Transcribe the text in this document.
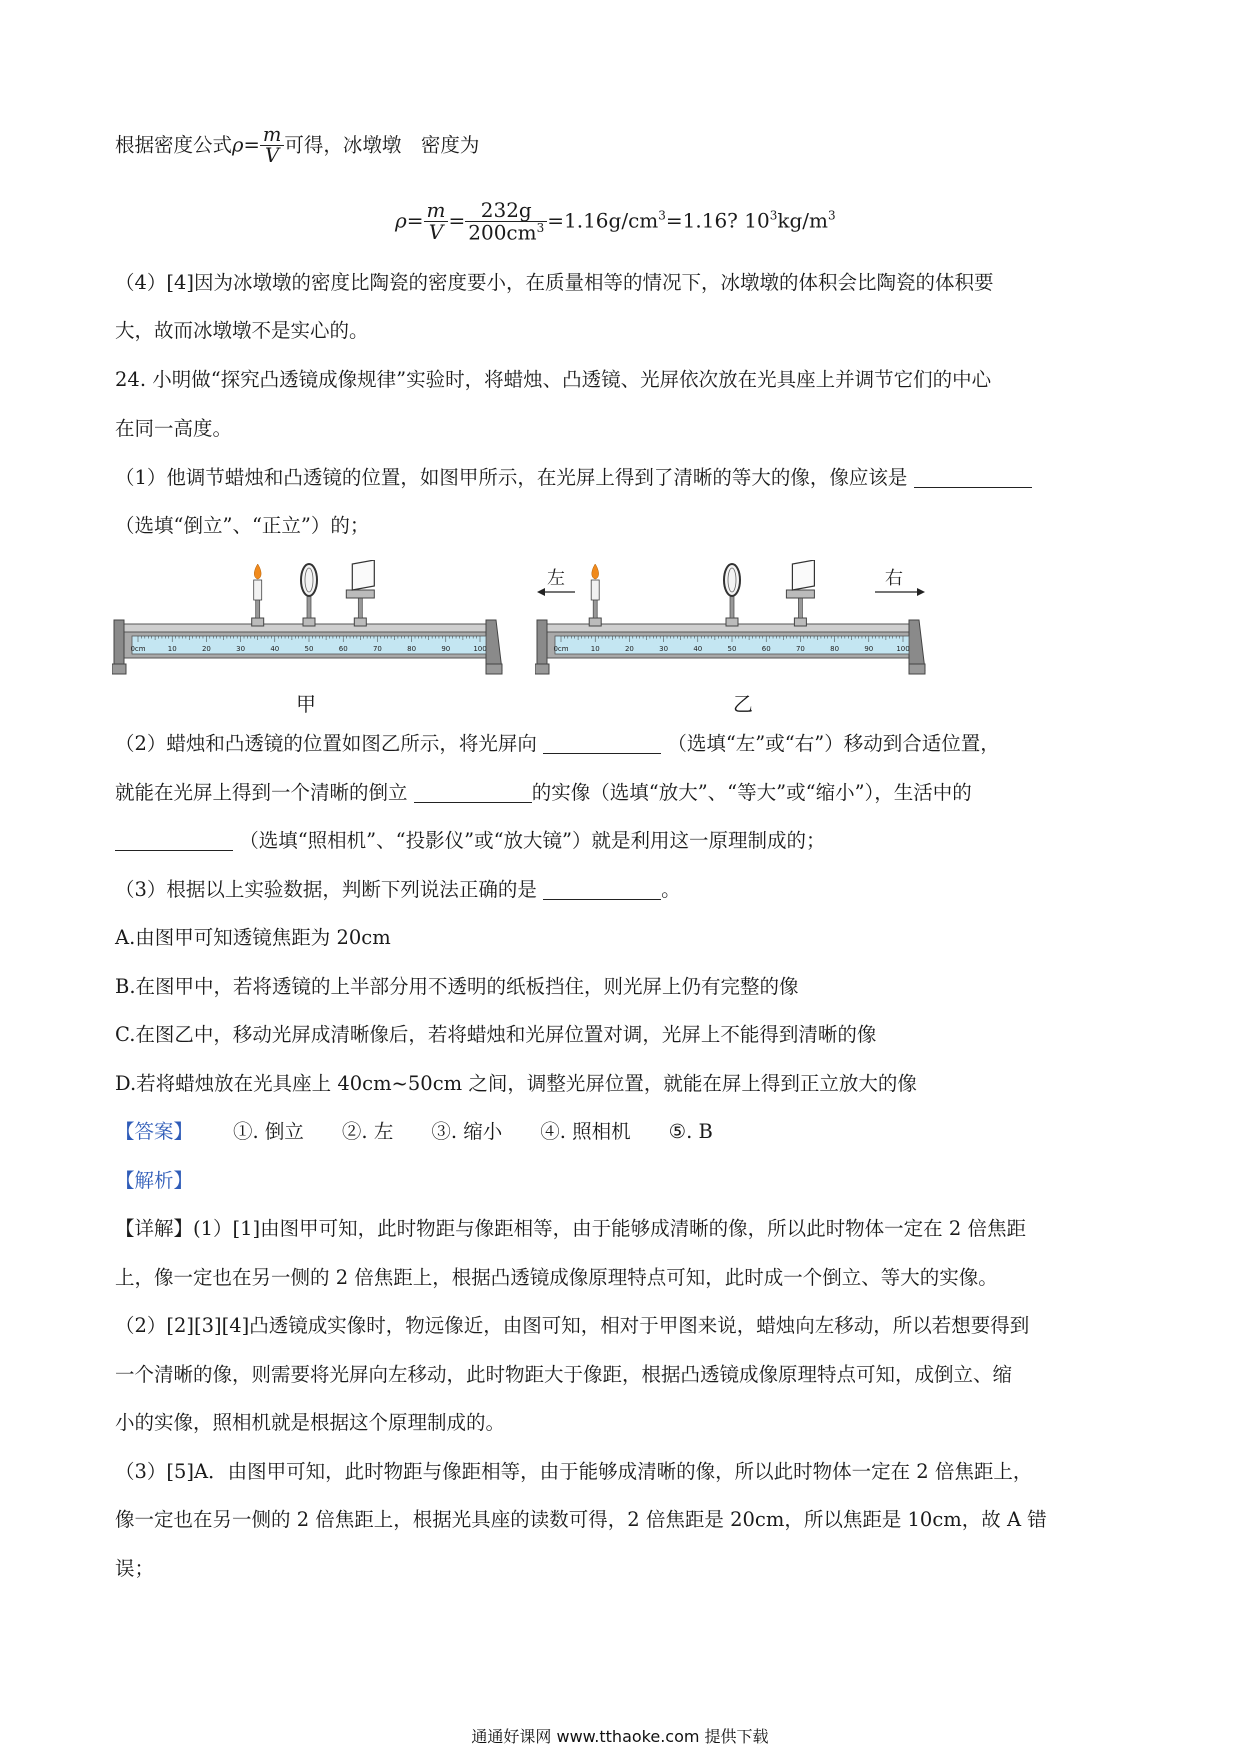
根据密度公式$\rho= \frac{m}{V}$ 可得，冰墩墩　密度为
$\rho= \frac{m}{V} = \frac{232g}{200cm^3} =1.16g/cm^3=1.16$? $10^3kg/m^3$
（4）[4]因为冰墩墩的密度比陶瓷的密度要小，在质量相等的情况下，冰墩墩的体积会比陶瓷的体积要
大，故而冰墩墩不是实心的。
24. 小明做“探究凸透镜成像规律”实验时，将蜡烛、凸透镜、光屏依次放在光具座上并调节它们的中心
在同一高度。
（1）他调节蜡烛和凸透镜的位置，如图甲所示，在光屏上得到了清晰的等大的像，像应该是
（选填“倒立”、“正立”）的；
0cm	10	20	30	40	50	60	70	80	90	100
甲
0cm	10	20	30	40	50	60	70	80	90	100
左	右
乙
（2）蜡烛和凸透镜的位置如图乙所示，将光屏向	（选填“左”或“右”）移动到合适位置，
就能在光屏上得到一个清晰的倒立	的实像（选填“放大”、“等大”或“缩小”），生活中的
（选填“照相机”、“投影仪”或“放大镜”）就是利用这一原理制成的；
（3）根据以上实验数据，判断下列说法正确的是	。
A.由图甲可知透镜焦距为 20cm
B.在图甲中，若将透镜的上半部分用不透明的纸板挡住，则光屏上仍有完整的像
C.在图乙中，移动光屏成清晰像后，若将蜡烛和光屏位置对调，光屏上不能得到清晰的像
D.若将蜡烛放在光具座上 40cm~50cm 之间，调整光屏位置，就能在屏上得到正立放大的像
【答案】 ①. 倒立 ②. 左 ③. 缩小 ④. 照相机 ⑤. B
【解析】
【详解】(1）[1]由图甲可知，此时物距与像距相等，由于能够成清晰的像，所以此时物体一定在 2 倍焦距
上，像一定也在另一侧的 2 倍焦距上，根据凸透镜成像原理特点可知，此时成一个倒立、等大的实像。
（2）[2][3][4]凸透镜成实像时，物远像近，由图可知，相对于甲图来说，蜡烛向左移动，所以若想要得到
一个清晰的像，则需要将光屏向左移动，此时物距大于像距，根据凸透镜成像原理特点可知，成倒立、缩
小的实像，照相机就是根据这个原理制成的。
（3）[5]A．由图甲可知，此时物距与像距相等，由于能够成清晰的像，所以此时物体一定在 2 倍焦距上，
像一定也在另一侧的 2 倍焦距上，根据光具座的读数可得，2 倍焦距是 20cm，所以焦距是 10cm，故 A 错
误；
通通好课网 www.tthaoke.com 提供下载
